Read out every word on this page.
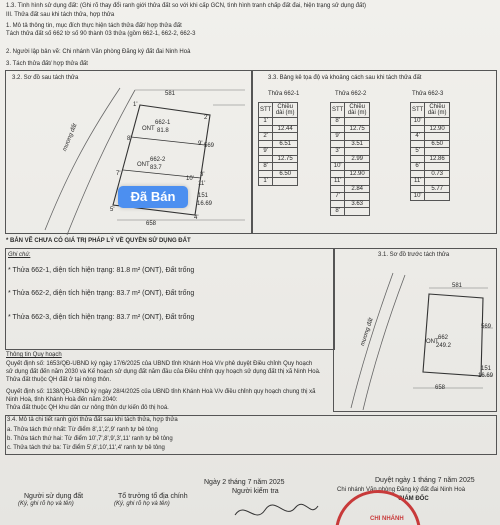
1.3. Tình hình sử dụng đất: (Ghi rõ thay đổi ranh giới thửa đất so với khi cấp GCN, tình hình tranh chấp đất đai, hiện trạng sử dụng đất)
III. Thửa đất sau khi tách thửa, hợp thửa
1. Mô tả thông tin, mục đích thực hiện tách thửa đất/ hợp thửa đất
Tách thửa đất số 662 tờ số 90 thành 03 thửa (gồm 662-1, 662-2, 662-3
2. Người lập bản vẽ: Chi nhánh Văn phòng Đăng ký đất đai Ninh Hoà
3. Tách thửa đất/ hợp thửa đất
3.2. Sơ đồ sau tách thửa
581
569
151
16.69
658
mương đất
662-1
81.8
ONT
662-2
83.7
ONT
1'
2'
8'
9'
3'
11'
7'
10'
4'
5'
Đã Bán
3.3. Bảng kê tọa độ và khoảng cách sau khi tách thửa đất
Thửa 662-1
STT	Chiều dài (m)
1'	
	12.44
2'	
	6.51
9'	
	12.75
8'	
	6.50
1'	
Thửa 662-2
STT	Chiều dài (m)
8'	
	12.75
9'	
	3.51
3'	
	2.99
10'	
	12.90
11'	
	2.84
7'	
	3.63
8'	
Thửa 662-3
STT	Chiều dài (m)
10'	
	12.90
4'	
	6.50
5'	
	12.86
6'	
	0.73
11'	
	5.77
10'	
* BẢN VẼ CHƯA CÓ GIÁ TRỊ PHÁP LÝ VỀ QUYỀN SỬ DỤNG ĐẤT
Ghi chú:
* Thửa 662-1, diện tích hiện trạng: 81.8 m² (ONT), Đất trống
* Thửa 662-2, diện tích hiện trạng: 83.7 m² (ONT), Đất trống
* Thửa 662-3, diện tích hiện trạng: 83.7 m² (ONT), Đất trống
3.1. Sơ đồ trước tách thửa
581
569
151
16.69
658
662
249.2
ONT
mương đất
Thông tin Quy hoạch
Quyết định số: 1653/QĐ-UBND ký ngày 17/6/2025 của UBND tỉnh Khánh Hoà V/v phê duyệt Điều chỉnh Quy hoạch
sử dụng đất đến năm 2030 và Kế hoạch sử dụng đất năm đầu của Điều chỉnh quy hoạch sử dụng đất thị xã Ninh Hoà.
Thửa đất thuộc QH đất ở tại nông thôn.
Quyết định số: 1138/QĐ-UBND ký ngày 28/4/2025 của UBND tỉnh Khánh Hoà V/v điều chỉnh quy hoạch chung thị xã
Ninh Hoà, tỉnh Khánh Hoà đến năm 2040:
Thửa đất thuộc QH khu dân cư nông thôn dự kiến đô thị hoá.
3.4. Mô tả chi tiết ranh giới thửa đất sau khi tách thửa, hợp thửa
a. Thửa tách thứ nhất: Từ điểm 8',1',2',9' ranh tự bê tông
b. Thửa tách thứ hai: Từ điểm 10',7',8',9',3',11' ranh tự bê tông
c. Thửa tách thứ ba: Từ điểm 5',6',10',11',4' ranh tự bê tông
Ngày 2 tháng 7 năm 2025	Duyệt ngày 1 tháng 7 năm 2025
Chi nhánh Văn phòng Đăng ký đất đai Ninh Hoà
GIÁM ĐỐC
Người sử dụng đất
(Ký, ghi rõ họ và tên)
Tổ trưởng tổ địa chính
(Ký, ghi rõ họ và tên)
Người kiểm tra
CHI NHÁNH
